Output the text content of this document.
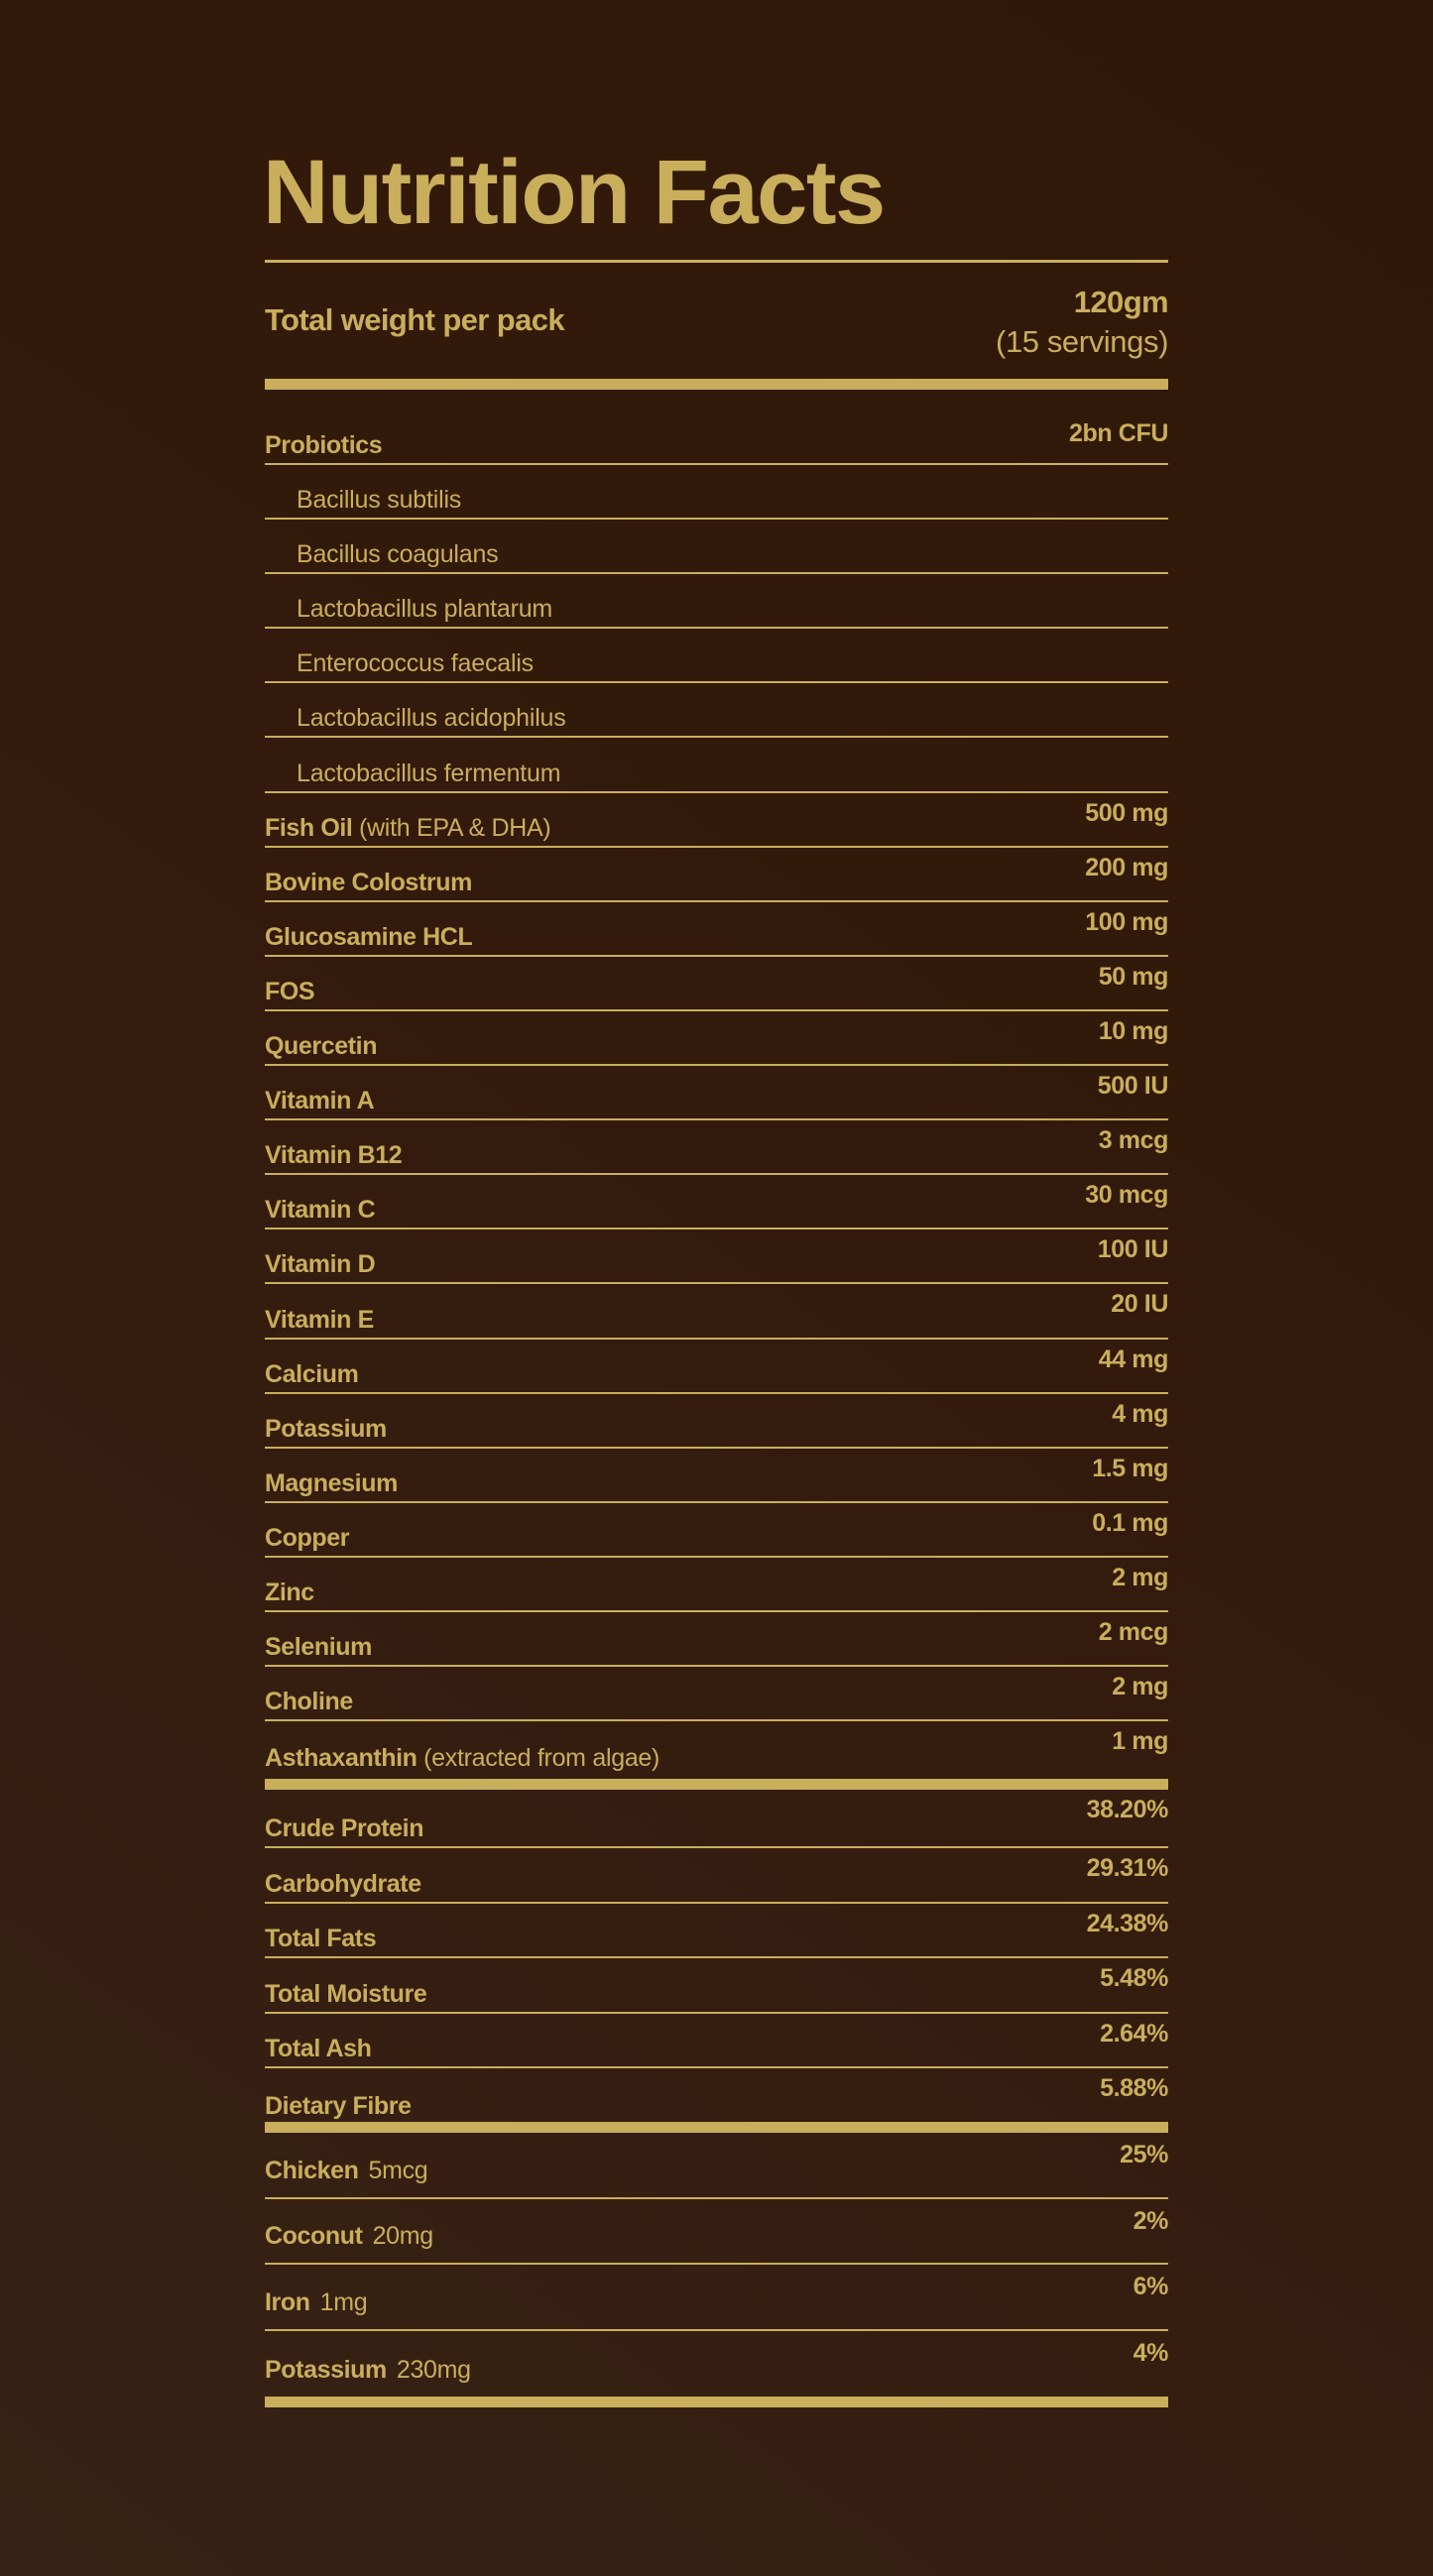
Nutrition Facts
Total weight per pack
120gm
(15 servings)
Probiotics	2bn CFU
Bacillus subtilis
Bacillus coagulans
Lactobacillus plantarum
Enterococcus faecalis
Lactobacillus acidophilus
Lactobacillus fermentum
Fish Oil (with EPA & DHA)
500 mg
Bovine Colostrum
200 mg
Glucosamine HCL
100 mg
FOS
50 mg
Quercetin
10 mg
Vitamin A
500 IU
Vitamin B12
3 mcg
Vitamin C
30 mcg
Vitamin D
100 IU
Vitamin E
20 IU
Calcium
44 mg
Potassium
4 mg
Magnesium
1.5 mg
Copper
0.1 mg
Zinc
2 mg
Selenium
2 mcg
Choline
2 mg
Asthaxanthin (extracted from algae)
1 mg
Crude Protein
38.20%
Carbohydrate
29.31%
Total Fats
24.38%
Total Moisture
5.48%
Total Ash
2.64%
Dietary Fibre
5.88%
Chicken 5mcg
25%
Coconut 20mg
2%
Iron 1mg
6%
Potassium 230mg
4%
